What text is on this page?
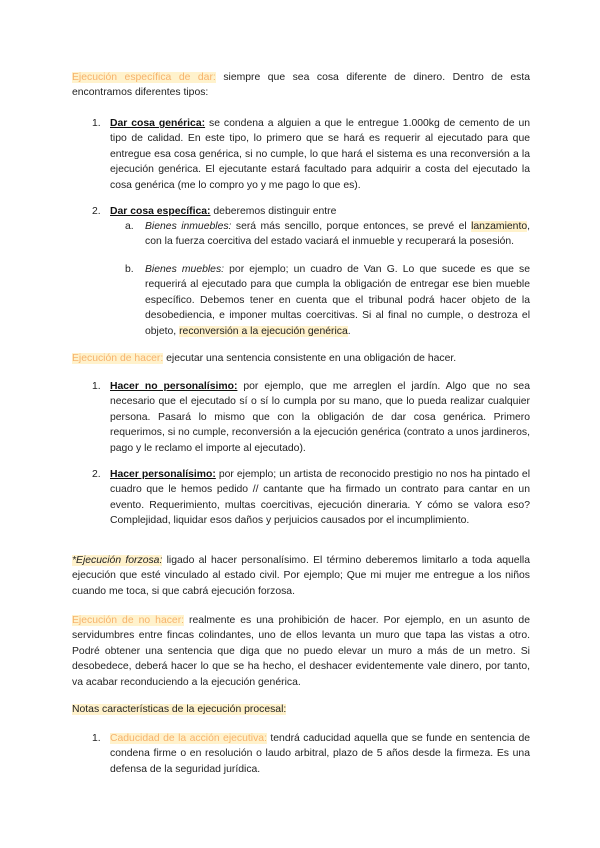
Ejecución específica de dar: siempre que sea cosa diferente de dinero. Dentro de esta encontramos diferentes tipos:
1. Dar cosa genérica: se condena a alguien a que le entregue 1.000kg de cemento de un tipo de calidad. En este tipo, lo primero que se hará es requerir al ejecutado para que entregue esa cosa genérica, si no cumple, lo que hará el sistema es una reconversión a la ejecución genérica. El ejecutante estará facultado para adquirir a costa del ejecutado la cosa genérica (me lo compro yo y me pago lo que es).
2. Dar cosa específica: deberemos distinguir entre
a. Bienes inmuebles: será más sencillo, porque entonces, se prevé el lanzamiento, con la fuerza coercitiva del estado vaciará el inmueble y recuperará la posesión.
b. Bienes muebles: por ejemplo; un cuadro de Van G. Lo que sucede es que se requerirá al ejecutado para que cumpla la obligación de entregar ese bien mueble específico. Debemos tener en cuenta que el tribunal podrá hacer objeto de la desobediencia, e imponer multas coercitivas. Si al final no cumple, o destroza el objeto, reconversión a la ejecución genérica.
Ejecución de hacer: ejecutar una sentencia consistente en una obligación de hacer.
1. Hacer no personalísimo: por ejemplo, que me arreglen el jardín. Algo que no sea necesario que el ejecutado sí o sí lo cumpla por su mano, que lo pueda realizar cualquier persona. Pasará lo mismo que con la obligación de dar cosa genérica. Primero requerimos, si no cumple, reconversión a la ejecución genérica (contrato a unos jardineros, pago y le reclamo el importe al ejecutado).
2. Hacer personalísimo: por ejemplo; un artista de reconocido prestigio no nos ha pintado el cuadro que le hemos pedido // cantante que ha firmado un contrato para cantar en un evento. Requerimiento, multas coercitivas, ejecución dineraria. Y cómo se valora eso? Complejidad, liquidar esos daños y perjuicios causados por el incumplimiento.
*Ejecución forzosa: ligado al hacer personalísimo. El término deberemos limitarlo a toda aquella ejecución que esté vinculado al estado civil. Por ejemplo; Que mi mujer me entregue a los niños cuando me toca, si que cabrá ejecución forzosa.
Ejecución de no hacer: realmente es una prohibición de hacer. Por ejemplo, en un asunto de servidumbres entre fincas colindantes, uno de ellos levanta un muro que tapa las vistas a otro. Podré obtener una sentencia que diga que no puedo elevar un muro a más de un metro. Si desobedece, deberá hacer lo que se ha hecho, el deshacer evidentemente vale dinero, por tanto, va acabar reconduciendo a la ejecución genérica.
Notas características de la ejecución procesal:
1. Caducidad de la acción ejecutiva: tendrá caducidad aquella que se funde en sentencia de condena firme o en resolución o laudo arbitral, plazo de 5 años desde la firmeza. Es una defensa de la seguridad jurídica.
